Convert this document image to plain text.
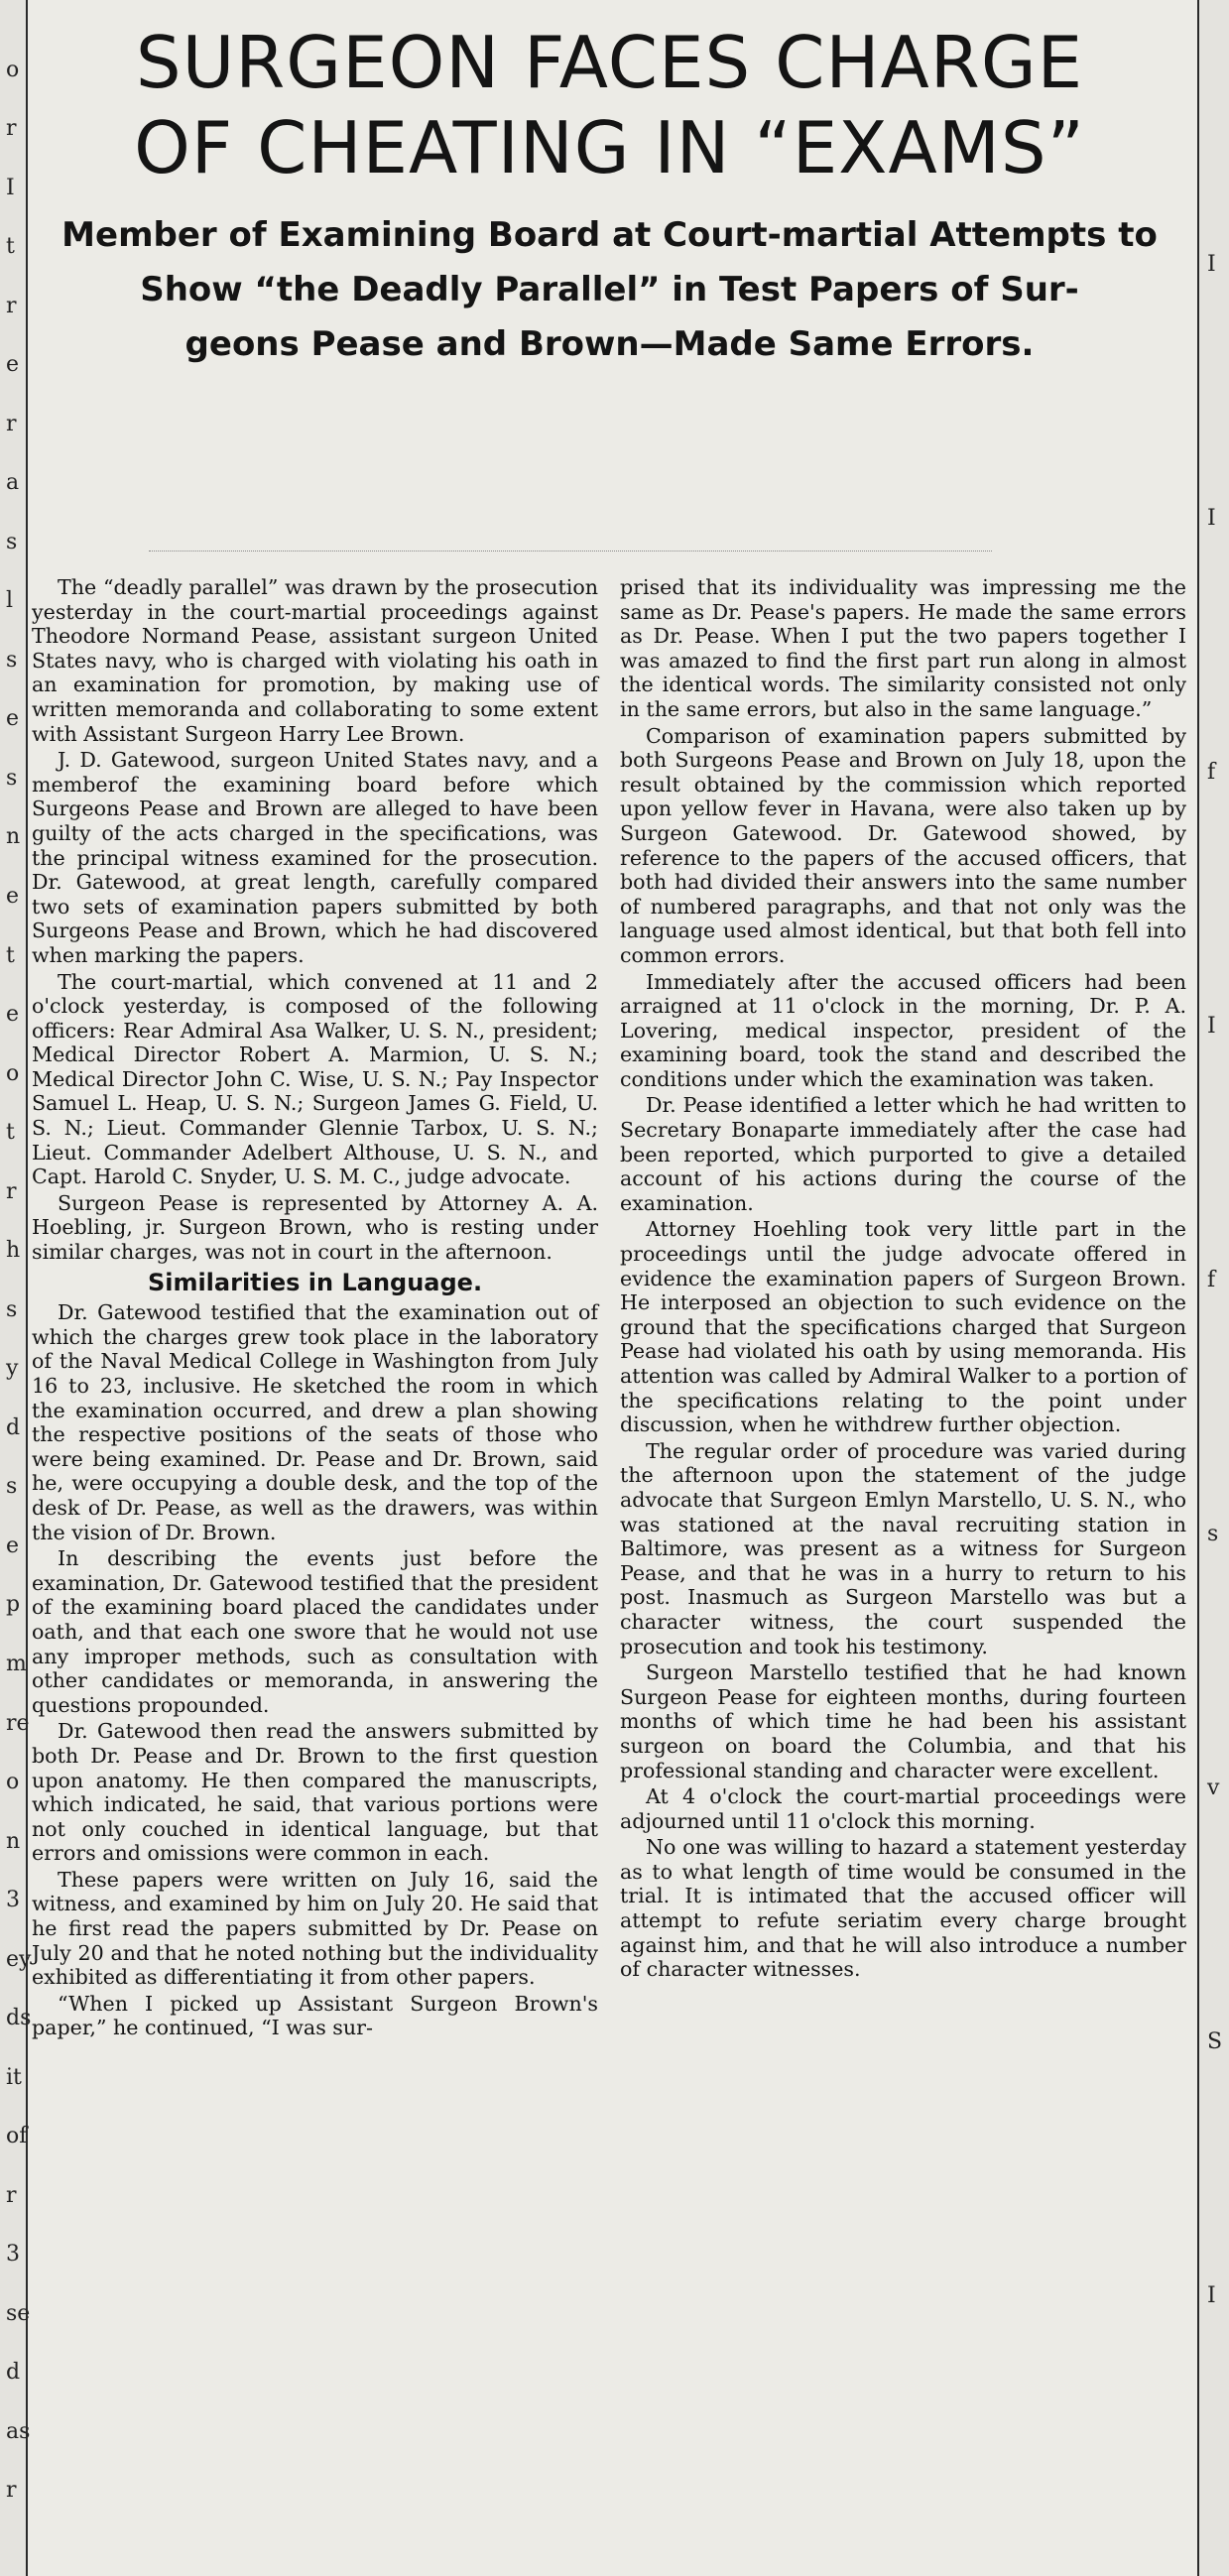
o
r
I
t
r
e
r
a
s
l
s
e
s
n
e
t
e
o
t
r
h
s
y
d
s
e
p
m
re
o
n
3
ey
ds
it
of
r
3
se
d
as
r
I
I
f
I
f
s
v
S
I
SURGEON FACES CHARGE
OF CHEATING IN “EXAMS”
Member of Examining Board at Court-martial Attempts to
Show “the Deadly Parallel” in Test Papers of Sur-
geons Pease and Brown—Made Same Errors.

The “deadly parallel” was drawn by the prosecution yesterday in the court-martial proceedings against Theodore Normand Pease, assistant surgeon United States navy, who is charged with violating his oath in an examination for promotion, by making use of written memoranda and collaborating to some extent with Assistant Surgeon Harry Lee Brown.

J. D. Gatewood, surgeon United States navy, and a memberof the examining board before which Surgeons Pease and Brown are alleged to have been guilty of the acts charged in the specifications, was the principal witness examined for the prosecution. Dr. Gatewood, at great length, carefully compared two sets of examination papers submitted by both Surgeons Pease and Brown, which he had discovered when marking the papers.

The court-martial, which convened at 11 and 2 o'clock yesterday, is composed of the following officers: Rear Admiral Asa Walker, U. S. N., president; Medical Director Robert A. Marmion, U. S. N.; Medical Director John C. Wise, U. S. N.; Pay Inspector Samuel L. Heap, U. S. N.; Surgeon James G. Field, U. S. N.; Lieut. Commander Glennie Tarbox, U. S. N.; Lieut. Commander Adelbert Althouse, U. S. N., and Capt. Harold C. Snyder, U. S. M. C., judge advocate.

Surgeon Pease is represented by Attorney A. A. Hoebling, jr. Surgeon Brown, who is resting under similar charges, was not in court in the afternoon.

Similarities in Language.

Dr. Gatewood testified that the examination out of which the charges grew took place in the laboratory of the Naval Medical College in Washington from July 16 to 23, inclusive. He sketched the room in which the examination occurred, and drew a plan showing the respective positions of the seats of those who were being examined. Dr. Pease and Dr. Brown, said he, were occupying a double desk, and the top of the desk of Dr. Pease, as well as the drawers, was within the vision of Dr. Brown.

In describing the events just before the examination, Dr. Gatewood testified that the president of the examining board placed the candidates under oath, and that each one swore that he would not use any improper methods, such as consultation with other candidates or memoranda, in answering the questions propounded.

Dr. Gatewood then read the answers submitted by both Dr. Pease and Dr. Brown to the first question upon anatomy. He then compared the manuscripts, which indicated, he said, that various portions were not only couched in identical language, but that errors and omissions were common in each.

These papers were written on July 16, said the witness, and examined by him on July 20. He said that he first read the papers submitted by Dr. Pease on July 20 and that he noted nothing but the individuality exhibited as differentiating it from other papers.

“When I picked up Assistant Surgeon Brown's paper,” he continued, “I was sur-

prised that its individuality was impressing me the same as Dr. Pease's papers. He made the same errors as Dr. Pease. When I put the two papers together I was amazed to find the first part run along in almost the identical words. The similarity consisted not only in the same errors, but also in the same language.”

Comparison of examination papers submitted by both Surgeons Pease and Brown on July 18, upon the result obtained by the commission which reported upon yellow fever in Havana, were also taken up by Surgeon Gatewood. Dr. Gatewood showed, by reference to the papers of the accused officers, that both had divided their answers into the same number of numbered paragraphs, and that not only was the language used almost identical, but that both fell into common errors.

Immediately after the accused officers had been arraigned at 11 o'clock in the morning, Dr. P. A. Lovering, medical inspector, president of the examining board, took the stand and described the conditions under which the examination was taken.

Dr. Pease identified a letter which he had written to Secretary Bonaparte immediately after the case had been reported, which purported to give a detailed account of his actions during the course of the examination.

Attorney Hoehling took very little part in the proceedings until the judge advocate offered in evidence the examination papers of Surgeon Brown. He interposed an objection to such evidence on the ground that the specifications charged that Surgeon Pease had violated his oath by using memoranda. His attention was called by Admiral Walker to a portion of the specifications relating to the point under discussion, when he withdrew further objection.

The regular order of procedure was varied during the afternoon upon the statement of the judge advocate that Surgeon Emlyn Marstello, U. S. N., who was stationed at the naval recruiting station in Baltimore, was present as a witness for Surgeon Pease, and that he was in a hurry to return to his post. Inasmuch as Surgeon Marstello was but a character witness, the court suspended the prosecution and took his testimony.

Surgeon Marstello testified that he had known Surgeon Pease for eighteen months, during fourteen months of which time he had been his assistant surgeon on board the Columbia, and that his professional standing and character were excellent.

At 4 o'clock the court-martial proceedings were adjourned until 11 o'clock this morning.

No one was willing to hazard a statement yesterday as to what length of time would be consumed in the trial. It is intimated that the accused officer will attempt to refute seriatim every charge brought against him, and that he will also introduce a number of character witnesses.
